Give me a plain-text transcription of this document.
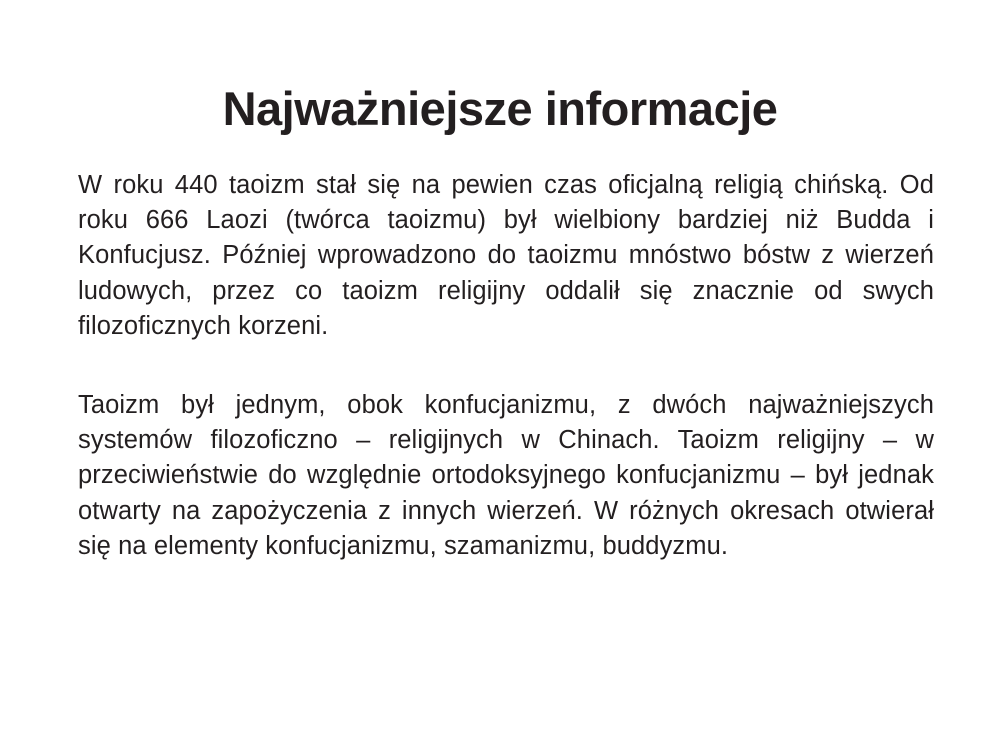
Najważniejsze informacje

W roku 440 taoizm stał się na pewien czas oficjalną religią chińską. Od roku 666 Laozi (twórca taoizmu) był wielbiony bardziej niż Budda i Konfucjusz. Później wprowadzono do taoizmu mnóstwo bóstw z wierzeń ludowych, przez co taoizm religijny oddalił się znacznie od swych filozoficznych korzeni.

Taoizm był jednym, obok konfucjanizmu, z dwóch najważniejszych systemów filozoficzno – religijnych w Chinach. Taoizm religijny – w przeciwieństwie do względnie ortodoksyjnego konfucjanizmu – był jednak otwarty na zapożyczenia z innych wierzeń. W różnych okresach otwierał się na elementy konfucjanizmu, szamanizmu, buddyzmu.
